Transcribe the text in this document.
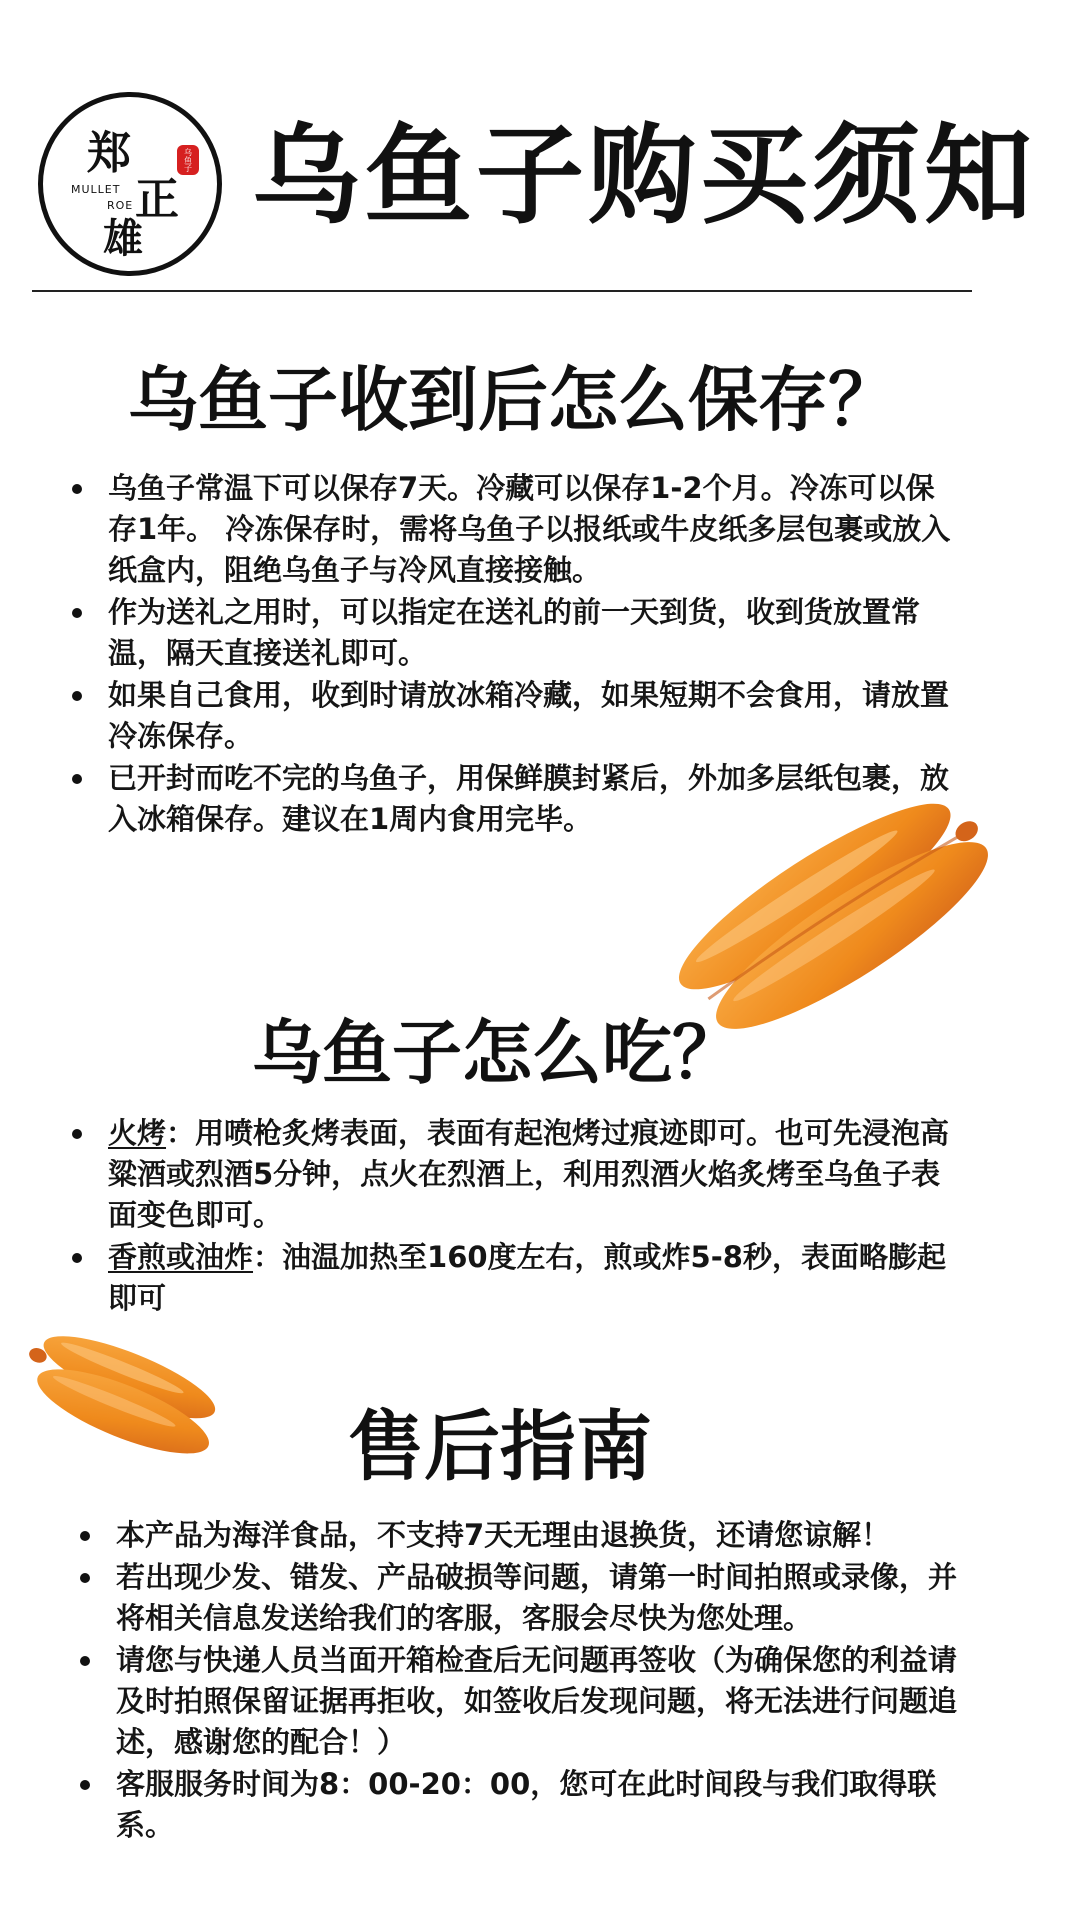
郑
MULLET
ROE 正
雄
乌鱼子 乌鱼子购买须知
乌鱼子收到后怎么保存？
乌鱼子常温下可以保存7天。冷藏可以保存1-2个月。冷冻可以保存1年。 冷冻保存时，需将乌鱼子以报纸或牛皮纸多层包裹或放入纸盒内，阻绝乌鱼子与冷风直接接触。
作为送礼之用时，可以指定在送礼的前一天到货，收到货放置常温，隔天直接送礼即可。
如果自己食用，收到时请放冰箱冷藏，如果短期不会食用，请放置冷冻保存。
已开封而吃不完的乌鱼子，用保鲜膜封紧后，外加多层纸包裹，放入冰箱保存。建议在1周内食用完毕。
乌鱼子怎么吃？
火烤：用喷枪炙烤表面，表面有起泡烤过痕迹即可。也可先浸泡高粱酒或烈酒5分钟，点火在烈酒上，利用烈酒火焰炙烤至乌鱼子表面变色即可。
香煎或油炸：油温加热至160度左右，煎或炸5-8秒，表面略膨起即可
售后指南
本产品为海洋食品，不支持7天无理由退换货，还请您谅解！
若出现少发、错发、产品破损等问题，请第一时间拍照或录像，并将相关信息发送给我们的客服，客服会尽快为您处理。
请您与快递人员当面开箱检查后无问题再签收（为确保您的利益请及时拍照保留证据再拒收，如签收后发现问题，将无法进行问题追述，感谢您的配合！）
客服服务时间为8：00-20：00，您可在此时间段与我们取得联系。
